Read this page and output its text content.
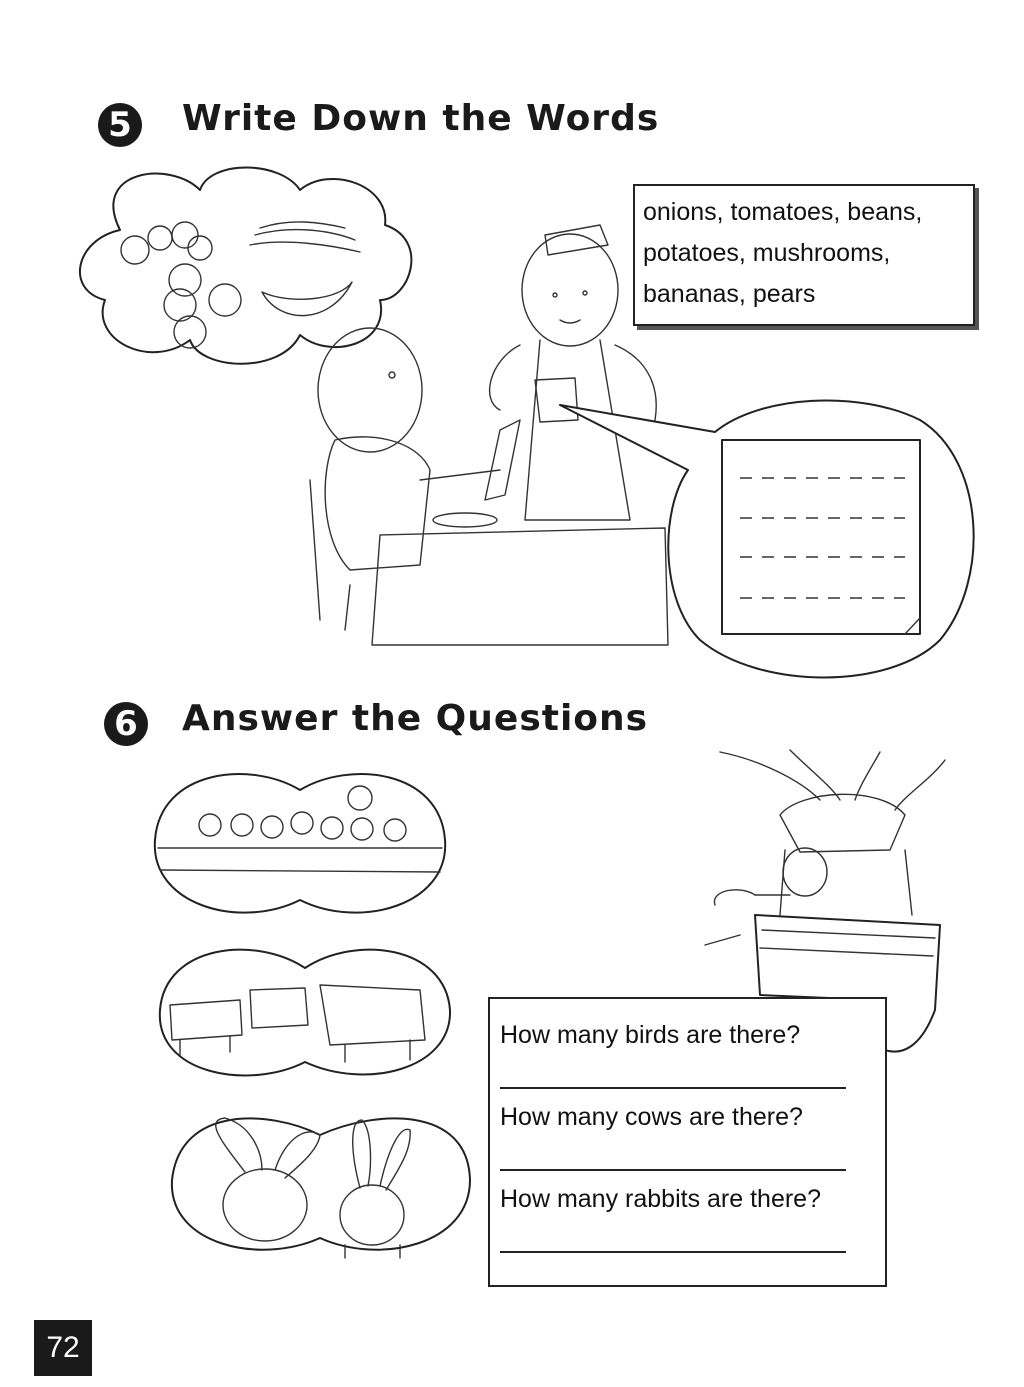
5 Write Down the Words
onions, tomatoes, beans,
potatoes, mushrooms,
bananas, pears
6 Answer the Questions
How many birds are there?
How many cows are there?
How many rabbits are there?
72
